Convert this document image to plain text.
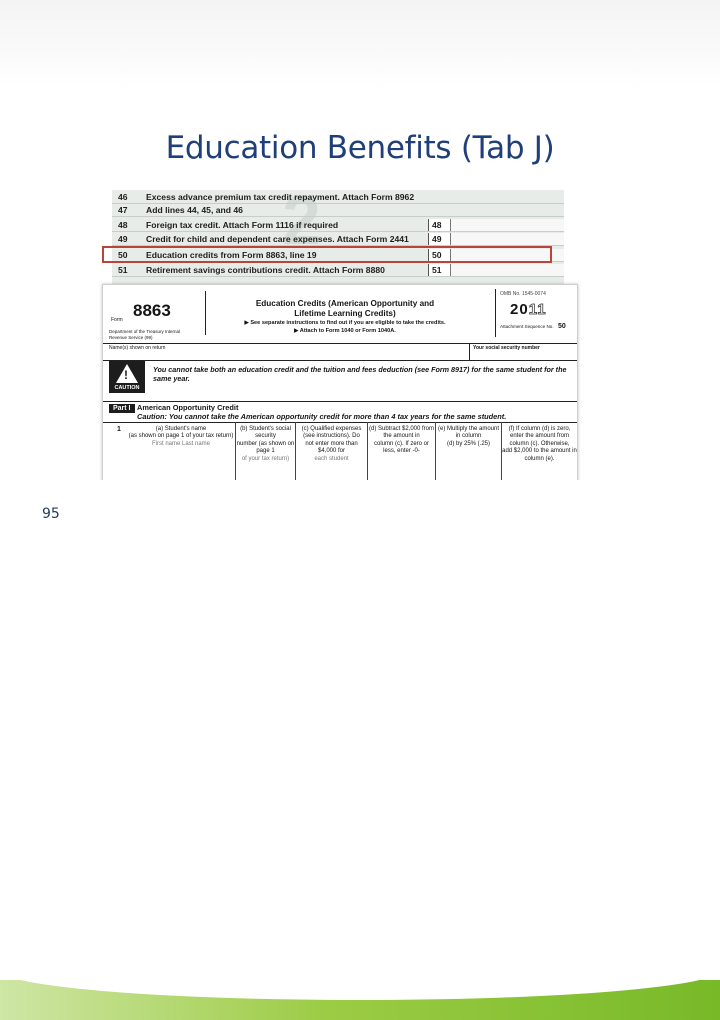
Education Benefits (Tab J)
2
46	Excess advance premium tax credit repayment. Attach Form 8962
47	Add lines 44, 45, and 46
48	Foreign tax credit. Attach Form 1116 if required	48
49	Credit for child and dependent care expenses. Attach Form 2441	49
50	Education credits from Form 8863, line 19	50
51	Retirement savings contributions credit. Attach Form 8880	51
Form 8863
Department of the Treasury Internal Revenue Service (99)
Education Credits (American Opportunity and
Lifetime Learning Credits)
▶ See separate instructions to find out if you are eligible to take the credits.
▶ Attach to Form 1040 or Form 1040A.
OMB No. 1545-0074
2011
Attachment Sequence No. 50
Name(s) shown on return	Your social security number
!
CAUTION
You cannot take both an education credit and the tuition and fees deduction (see Form 8917) for the same student for the same year.
Part I American Opportunity Credit
Caution: You cannot take the American opportunity credit for more than 4 tax years for the same student.
1	(a) Student's name
(as shown on page 1 of your tax return)
First name Last name
(b) Student's social security
number (as shown on page 1
of your tax return)
(c) Qualified expenses (see instructions). Do
not enter more than $4,000 for
each student
(d) Subtract $2,000 from the amount in
column (c). If zero or less, enter -0-
(e) Multiply the amount in column
(d) by 25% (.25)
(f) If column (d) is zero, enter the amount from column (c). Otherwise,
add $2,000 to the amount in column (e).
95
